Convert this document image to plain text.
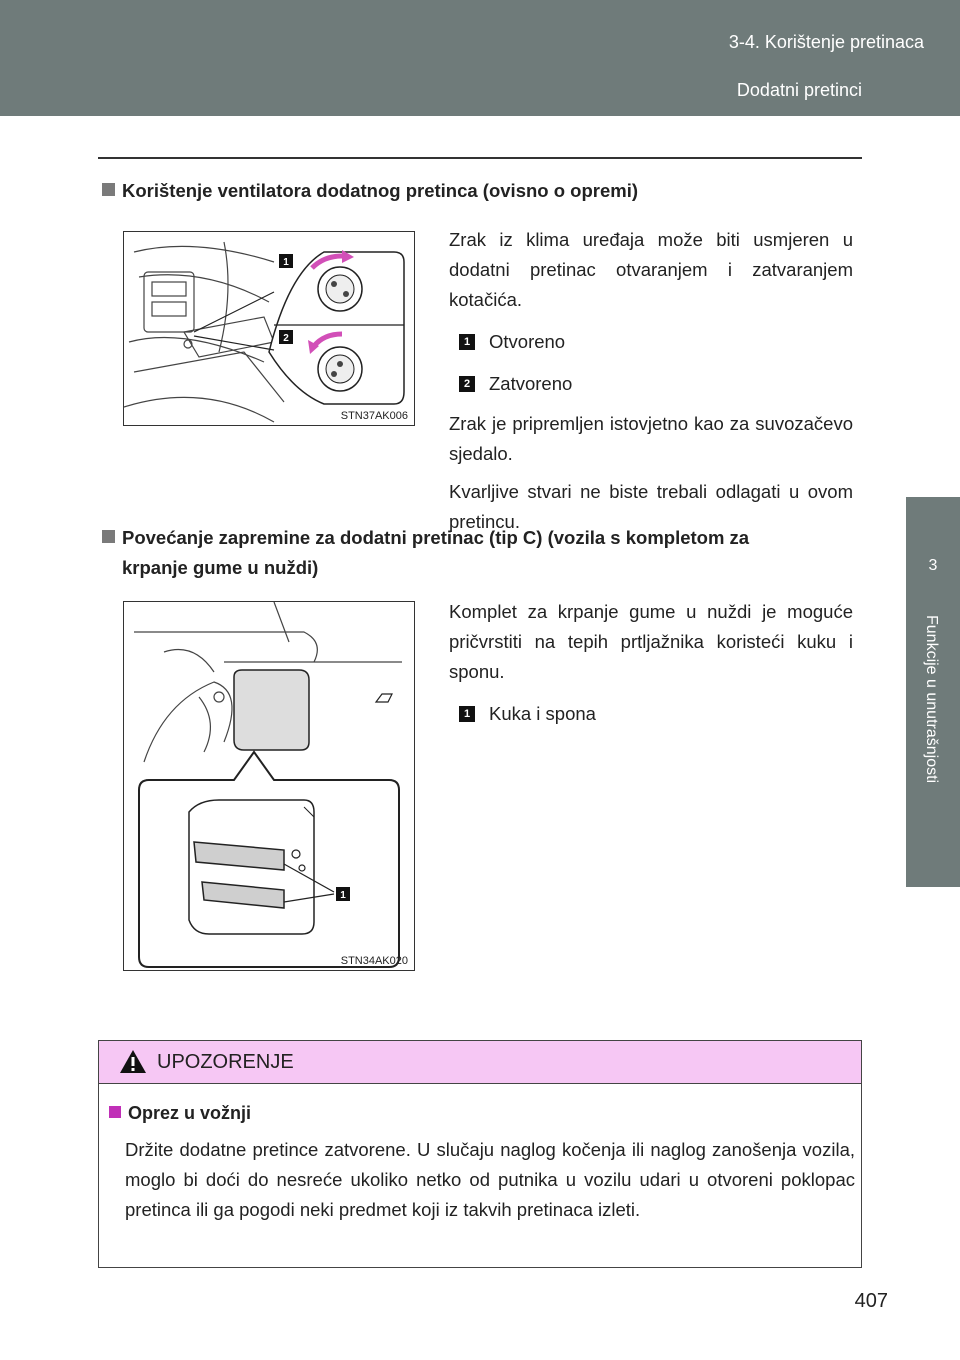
3-4. Korištenje pretinaca
Dodatni pretinci
3
Funkcije u unutrašnjosti
Korištenje ventilatora dodatnog pretinca (ovisno o opremi)
1
2
STN37AK006

Zrak iz klima uređaja može biti usmjeren u dodatni pretinac otvaranjem i zatvaranjem kotačića.

1 Otvoreno
2 Zatvoreno

Zrak je pripremljen istovjetno kao za suvozačevo sjedalo.

Kvarljive stvari ne biste trebali odlagati u ovom pretincu.

Povećanje zapremine za dodatni pretinac (tip C) (vozila s kompletom za
krpanje gume u nuždi)
1
STN34AK020

Komplet za krpanje gume u nuždi je moguće pričvrstiti na tepih prtljažnika koristeći kuku i sponu.

1 Kuka i spona
UPOZORENJE
Oprez u vožnji
Držite dodatne pretince zatvorene. U slučaju naglog kočenja ili naglog zanošenja vozila, moglo bi doći do nesreće ukoliko netko od putnika u vozilu udari u otvoreni poklopac pretinca ili ga pogodi neki predmet koji iz takvih pretinaca izleti.
407
